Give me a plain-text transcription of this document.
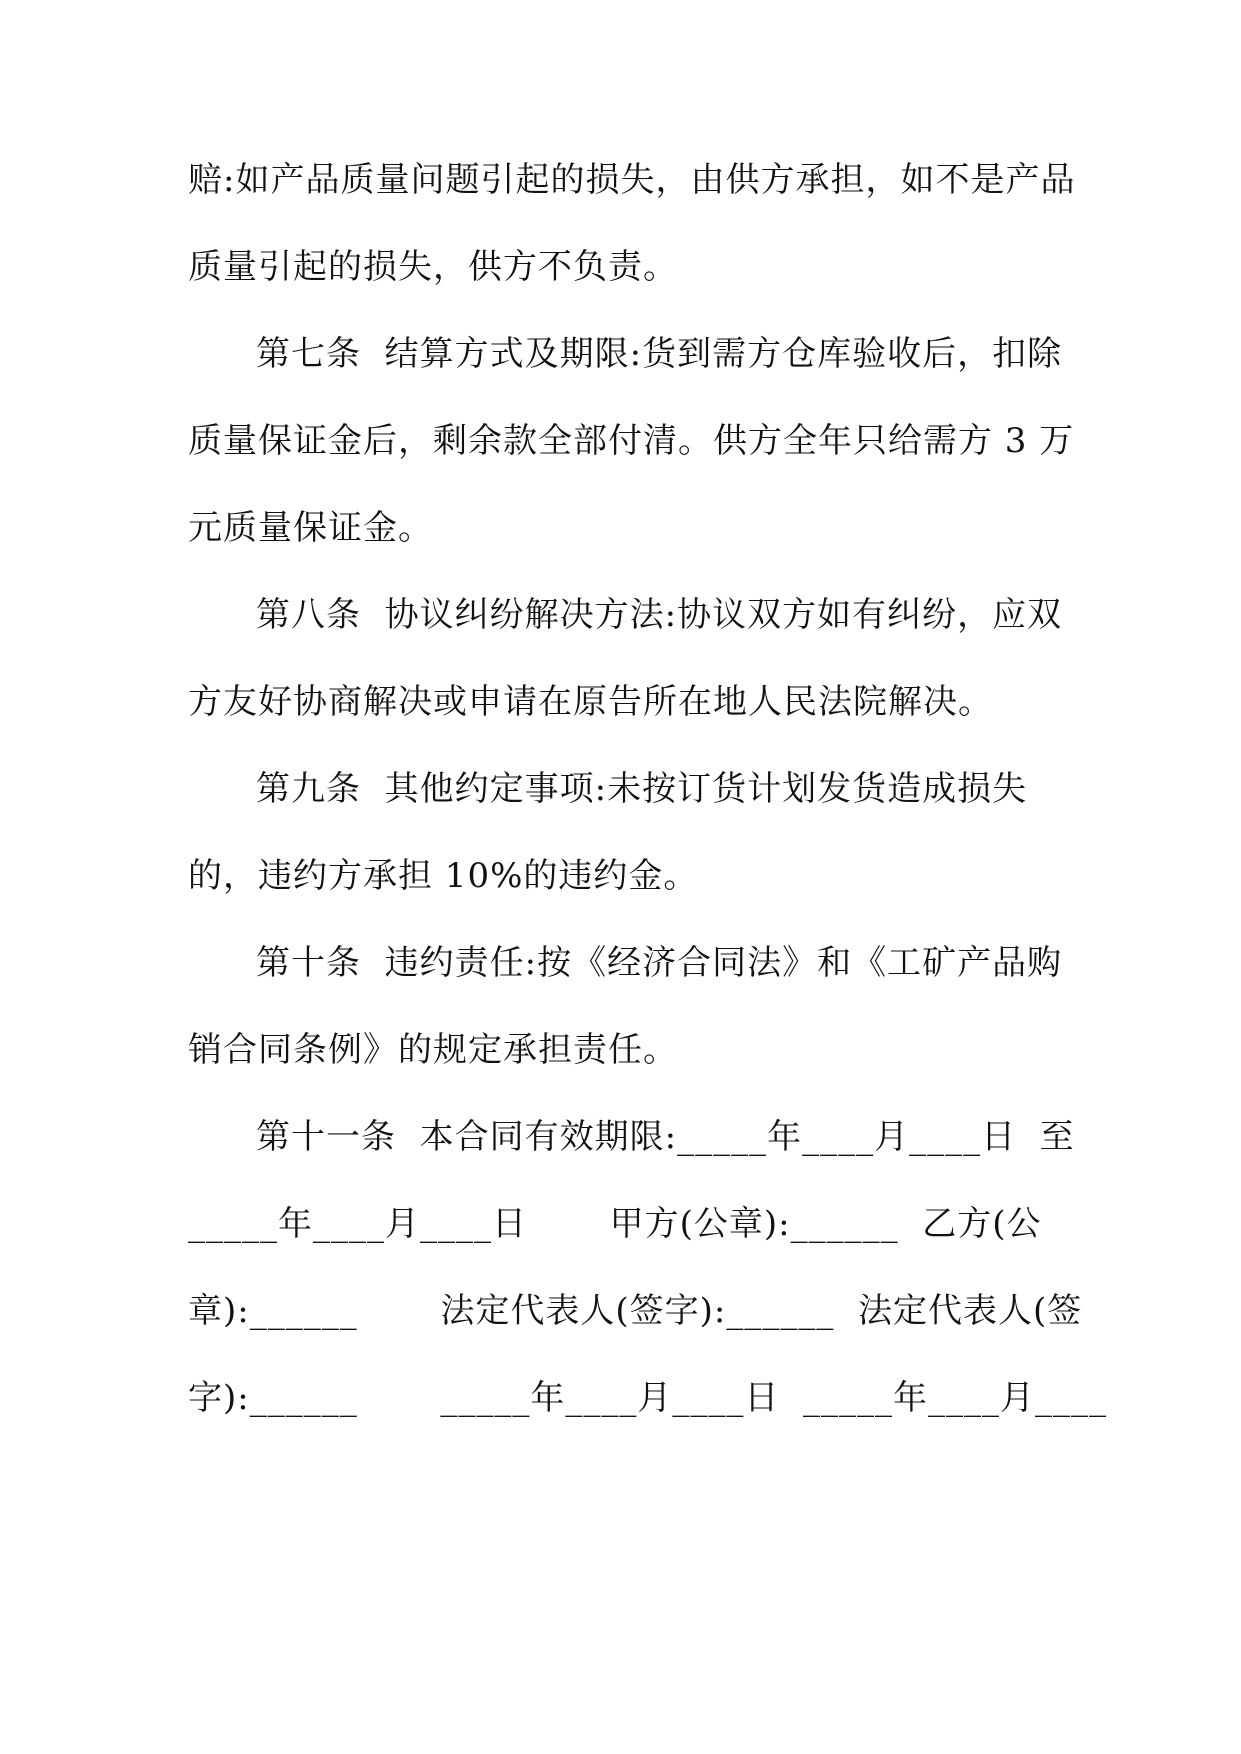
赔:如产品质量问题引起的损失，由供方承担，如不是产品
质量引起的损失，供方不负责。
第七条  结算方式及期限:货到需方仓库验收后，扣除
质量保证金后，剩余款全部付清。供方全年只给需方 3 万
元质量保证金。
第八条  协议纠纷解决方法:协议双方如有纠纷，应双
方友好协商解决或申请在原告所在地人民法院解决。
第九条  其他约定事项:未按订货计划发货造成损失
的，违约方承担 10%的违约金。
第十条  违约责任:按《经济合同法》和《工矿产品购
销合同条例》的规定承担责任。
第十一条  本合同有效期限:_____年____月____日  至
_____年____月____日       甲方(公章):______  乙方(公
章):______       法定代表人(签字):______  法定代表人(签
字):______       _____年____月____日  _____年____月____
